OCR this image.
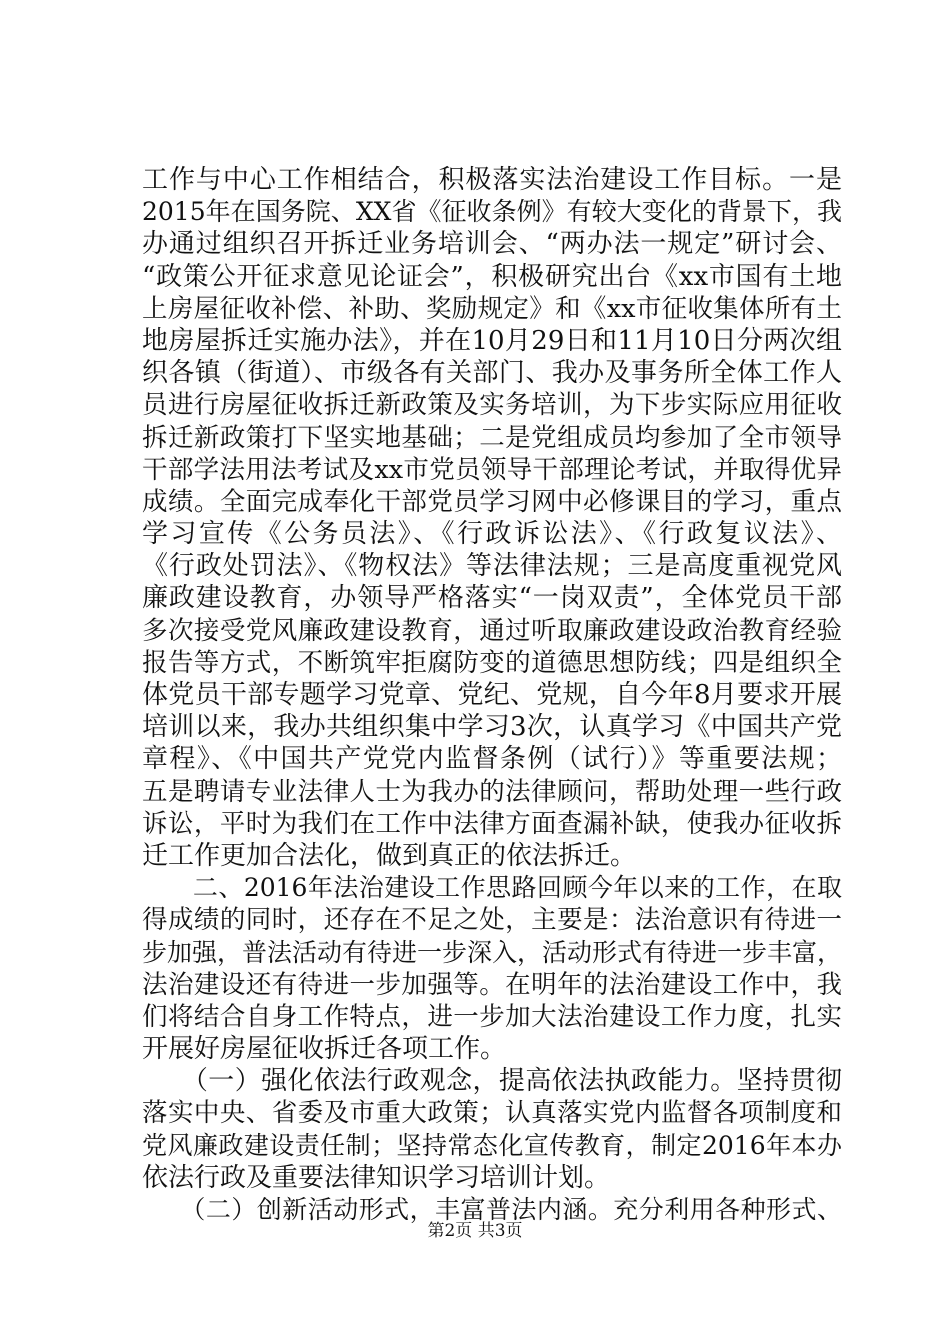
工作与中心工作相结合，积极落实法治建设工作目标。一是
2015年在国务院、XX省《征收条例》有较大变化的背景下，我
办通过组织召开拆迁业务培训会、“两办法一规定”研讨会、
“政策公开征求意见论证会”，积极研究出台《xx市国有土地
上房屋征收补偿、补助、奖励规定》和《xx市征收集体所有土
地房屋拆迁实施办法》，并在10月29日和11月10日分两次组
织各镇（街道）、市级各有关部门、我办及事务所全体工作人
员进行房屋征收拆迁新政策及实务培训，为下步实际应用征收
拆迁新政策打下坚实地基础；二是党组成员均参加了全市领导
干部学法用法考试及xx市党员领导干部理论考试，并取得优异
成绩。全面完成奉化干部党员学习网中必修课目的学习，重点
学习宣传《公务员法》、《行政诉讼法》、《行政复议法》、
《行政处罚法》、《物权法》等法律法规；三是高度重视党风
廉政建设教育，办领导严格落实“一岗双责”，全体党员干部
多次接受党风廉政建设教育，通过听取廉政建设政治教育经验
报告等方式，不断筑牢拒腐防变的道德思想防线；四是组织全
体党员干部专题学习党章、党纪、党规，自今年8月要求开展
培训以来，我办共组织集中学习3次，认真学习《中国共产党
章程》、《中国共产党党内监督条例（试行）》等重要法规；
五是聘请专业法律人士为我办的法律顾问，帮助处理一些行政
诉讼，平时为我们在工作中法律方面查漏补缺，使我办征收拆
迁工作更加合法化，做到真正的依法拆迁。
　　二、2016年法治建设工作思路回顾今年以来的工作，在取
得成绩的同时，还存在不足之处，主要是：法治意识有待进一
步加强，普法活动有待进一步深入，活动形式有待进一步丰富，
法治建设还有待进一步加强等。在明年的法治建设工作中，我
们将结合自身工作特点，进一步加大法治建设工作力度，扎实
开展好房屋征收拆迁各项工作。
　　（一）强化依法行政观念，提高依法执政能力。坚持贯彻
落实中央、省委及市重大政策；认真落实党内监督各项制度和
党风廉政建设责任制；坚持常态化宣传教育，制定2016年本办
依法行政及重要法律知识学习培训计划。
　　（二）创新活动形式，丰富普法内涵。充分利用各种形式、
第2页 共3页
